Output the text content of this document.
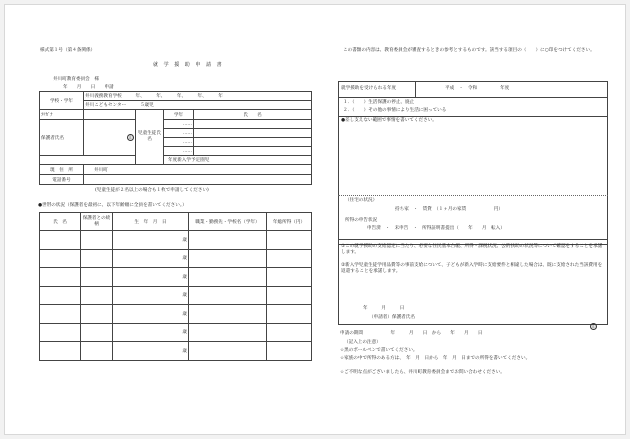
様式第１号（第４条関係）
就　学　援　助　申　請　書
井川町教育委員会　様
年　　月　　日　　申請
学校・学年	井川義務教育学校　　　年、　　　年、　　　年、　　　年、　　　年			
	井川こどもセンター　　　５歳児			
ﾌﾘｶﾞﾅ		児童生徒氏名	学年	氏　　名
保護者氏名	印		……	
			……	
			……	
			……	
			年度新入学予定園児	
現　住　所	井川町			
電話番号				
(児童生徒が２名以上の場合も１枚で申請してください)
●世帯の状況（保護者を最初に、以下年齢順に全員を書いてください。）
氏　名	保護者との続柄	生　年　月　日	職業・勤務先・学校名（学年）	年総所得（円）
		歳		
		歳		
		歳		
		歳		
		歳		
		歳		
		歳		
この書類の内容は、教育委員会が審査するときの参考とするものです。該当する項目の（　　）に○印をつけてください。
就学援助を受けられる年度	平成　・　令和　　　　　年度
１．（　　）生活保護の停止、廃止
２．（　　）その他の事情により生活に困っている
●差し支えない範囲で事情を書いてください。
（住宅の状況）
持ち家　・　賃貸　（１ヶ月の家賃　　　　　　円）
所得の申告状況
申告済　・　未申告　・　所得証明書提出（　　年　　月　転入）
①この就学援助の支給認定に当たり、必要な住民基本台帳、所得・課税状況、公的扶助の状況等について確認をすることを承諾します。
②新入学児童生徒学用品費等の事前支給について、子どもが新入学時に支給要件と相違した場合は、既に支給された当該費用を返還することを承諾します。
年　　　月　　　日
（申請者）保護者氏名
印
申請の期間　　　　　　年　　　月　　日　から　　年　　月　　日
（記入上の注意）
☆黒のボールペンで書いてください。
☆家族の中で所得のある方は、　年　月　日から　年　月　日までの所得を書いてください。
☆ご不明な点がございましたら、井川町教育委員会までお問い合わせください。
